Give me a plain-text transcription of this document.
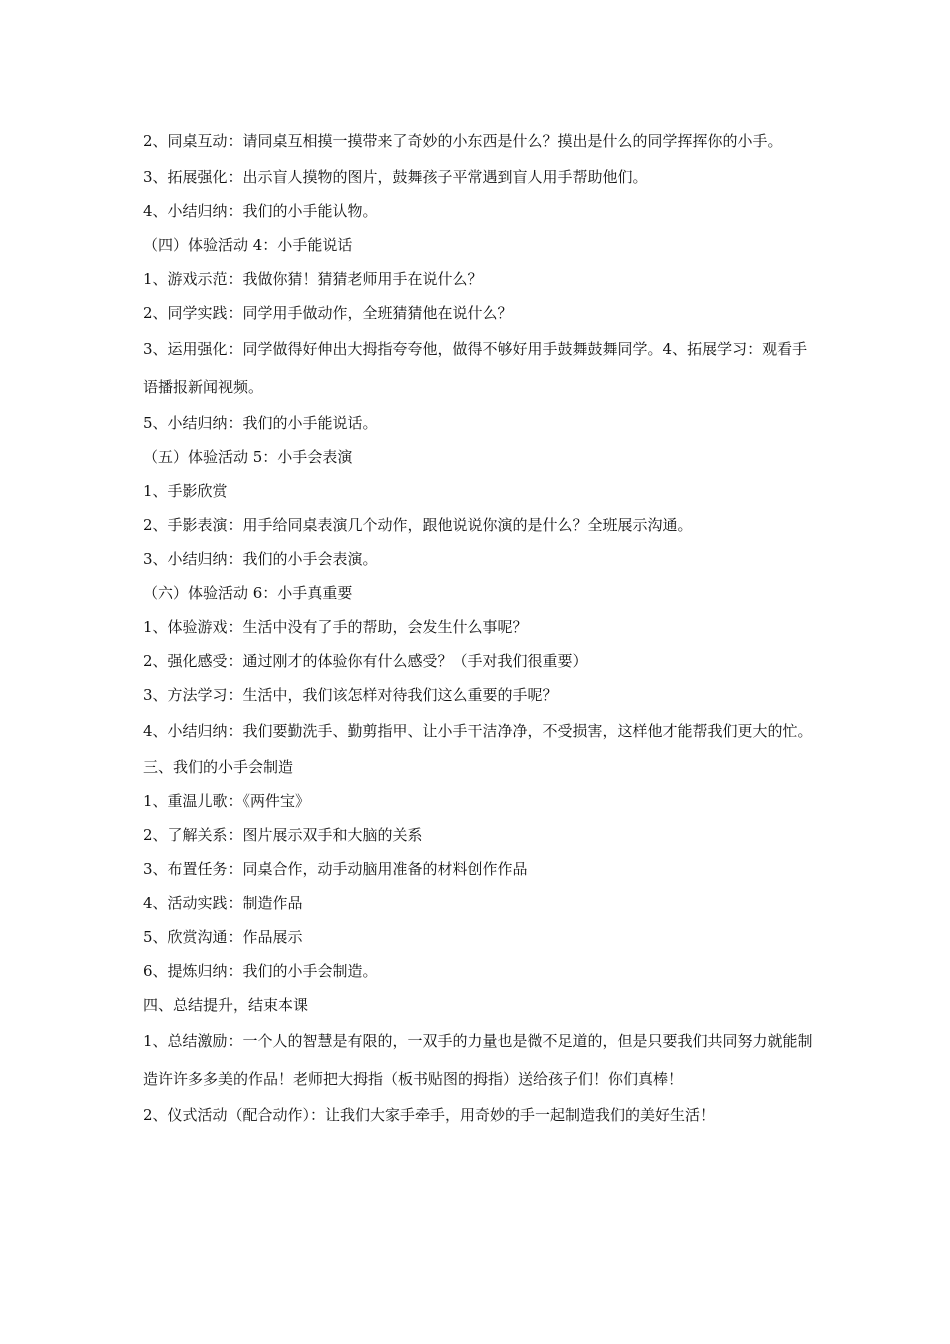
2、同桌互动：请同桌互相摸一摸带来了奇妙的小东西是什么？摸出是什么的同学挥挥你的小手。

3、拓展强化：出示盲人摸物的图片，鼓舞孩子平常遇到盲人用手帮助他们。

4、小结归纳：我们的小手能认物。

（四）体验活动 4：小手能说话

1、游戏示范：我做你猜！猜猜老师用手在说什么？

2、同学实践：同学用手做动作，全班猜猜他在说什么？

3、运用强化：同学做得好伸出大拇指夸夸他，做得不够好用手鼓舞鼓舞同学。4、拓展学习：观看手语播报新闻视频。

5、小结归纳：我们的小手能说话。

（五）体验活动 5：小手会表演

1、手影欣赏

2、手影表演：用手给同桌表演几个动作，跟他说说你演的是什么？全班展示沟通。

3、小结归纳：我们的小手会表演。

（六）体验活动 6：小手真重要

1、体验游戏：生活中没有了手的帮助，会发生什么事呢？

2、强化感受：通过刚才的体验你有什么感受？（手对我们很重要）

3、方法学习：生活中，我们该怎样对待我们这么重要的手呢？

4、小结归纳：我们要勤洗手、勤剪指甲、让小手干洁净净，不受损害，这样他才能帮我们更大的忙。

三、我们的小手会制造

1、重温儿歌：《两件宝》

2、了解关系：图片展示双手和大脑的关系

3、布置任务：同桌合作，动手动脑用准备的材料创作作品

4、活动实践：制造作品

5、欣赏沟通：作品展示

6、提炼归纳：我们的小手会制造。

四、总结提升，结束本课

1、总结激励：一个人的智慧是有限的，一双手的力量也是微不足道的，但是只要我们共同努力就能制造许许多多美的作品！老师把大拇指（板书贴图的拇指）送给孩子们！你们真棒！

2、仪式活动（配合动作）：让我们大家手牵手，用奇妙的手一起制造我们的美好生活！
